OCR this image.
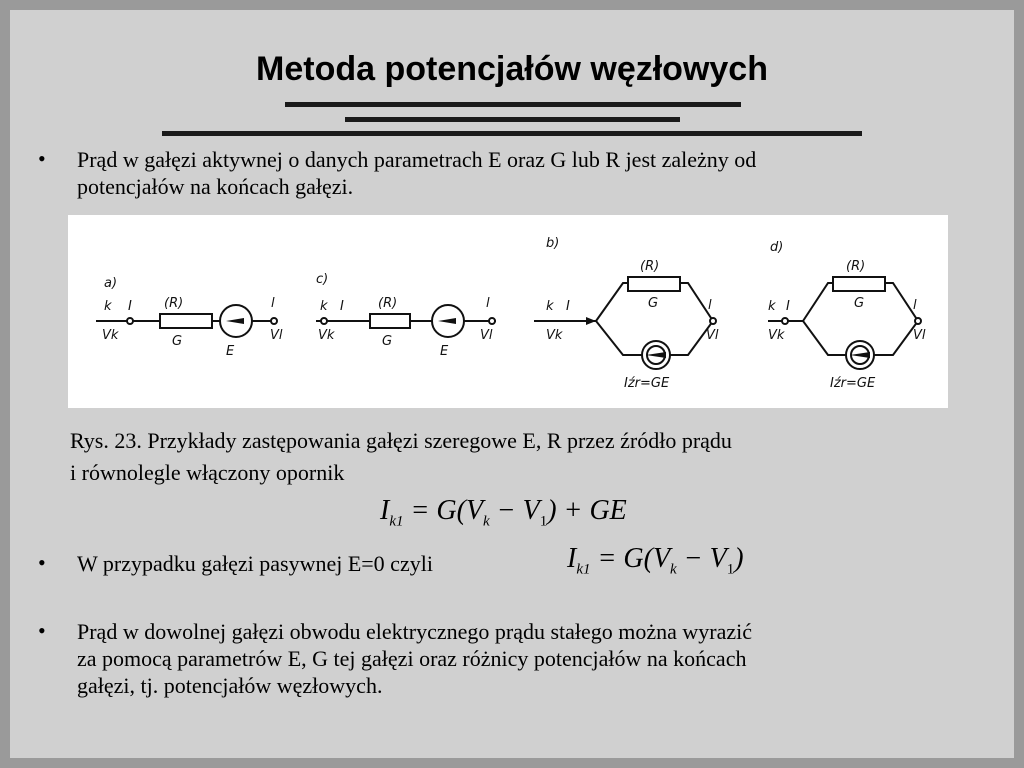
Metoda potencjałów węzłowych
• Prąd w gałęzi aktywnej o danych parametrach E oraz G lub R jest zależny od
potencjałów na końcach gałęzi.
a)
k I (R)
G
E
l
Vk	Vl
c)
k I	(R)
G
E
l
Vk	Vl
b)
k I
(R)
G	l
Vk	Vl
Iźr=GE
d)
k I
(R)
G	l
Vk	Vl
Iźr=GE
Rys. 23. Przykłady zastępowania gałęzi szeregowe E, R przez źródło prądu
i równolegle włączony opornik
$I_{k1} = G(V_k - V_1)$ + GE
• W przypadku gałęzi pasywnej E=0 czyli	$I_{k1} = G(V_k - V_1)$
• Prąd w dowolnej gałęzi obwodu elektrycznego prądu stałego można wyrazić
za pomocą parametrów E, G tej gałęzi oraz różnicy potencjałów na końcach
gałęzi, tj. potencjałów węzłowych.
